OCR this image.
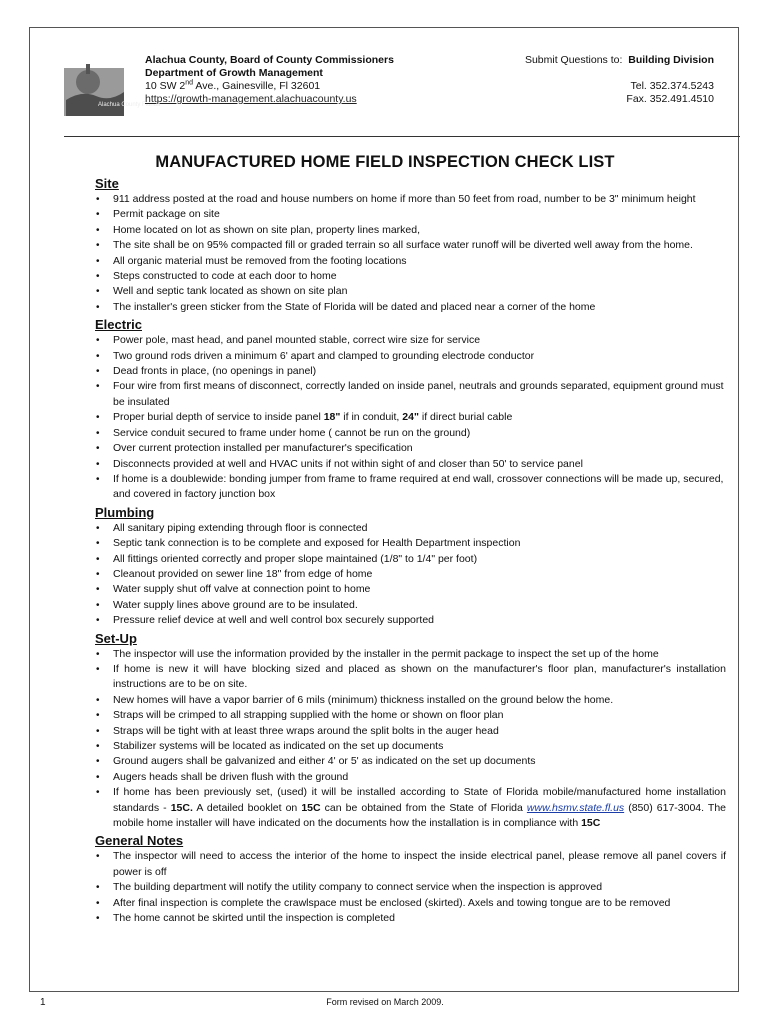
Alachua County Florida
Alachua County, Board of County Commissioners
Department of Growth Management
10 SW 2nd Ave., Gainesville, Fl 32601
https://growth-management.alachuacounty.us
Submit Questions to: Building Division
Tel. 352.374.5243
Fax. 352.491.4510
MANUFACTURED HOME FIELD INSPECTION CHECK LIST
Site
• 911 address posted at the road and house numbers on home if more than 50 feet from road, number to be 3" minimum height
• Permit package on site
• Home located on lot as shown on site plan, property lines marked,
• The site shall be on 95% compacted fill or graded terrain so all surface water runoff will be diverted well away from the home.
• All organic material must be removed from the footing locations
• Steps constructed to code at each door to home
• Well and septic tank located as shown on site plan
• The installer's green sticker from the State of Florida will be dated and placed near a corner of the home
Electric
• Power pole, mast head, and panel mounted stable, correct wire size for service
• Two ground rods driven a minimum 6' apart and clamped to grounding electrode conductor
• Dead fronts in place, (no openings in panel)
• Four wire from first means of disconnect, correctly landed on inside panel, neutrals and grounds separated, equipment ground must be insulated
• Proper burial depth of service to inside panel 18" if in conduit, 24" if direct burial cable
• Service conduit secured to frame under home ( cannot be run on the ground)
• Over current protection installed per manufacturer's specification
• Disconnects provided at well and HVAC units if not within sight of and closer than 50' to service panel
• If home is a doublewide: bonding jumper from frame to frame required at end wall, crossover connections will be made up, secured, and covered in factory junction box
Plumbing
• All sanitary piping extending through floor is connected
• Septic tank connection is to be complete and exposed for Health Department inspection
• All fittings oriented correctly and proper slope maintained (1/8" to 1/4" per foot)
• Cleanout provided on sewer line 18" from edge of home
• Water supply shut off valve at connection point to home
• Water supply lines above ground are to be insulated.
• Pressure relief device at well and well control box securely supported
Set-Up
• The inspector will use the information provided by the installer in the permit package to inspect the set up of the home
• If home is new it will have blocking sized and placed as shown on the manufacturer's floor plan, manufacturer's installation instructions are to be on site.
• New homes will have a vapor barrier of 6 mils (minimum) thickness installed on the ground below the home.
• Straps will be crimped to all strapping supplied with the home or shown on floor plan
• Straps will be tight with at least three wraps around the split bolts in the auger head
• Stabilizer systems will be located as indicated on the set up documents
• Ground augers shall be galvanized and either 4' or 5' as indicated on the set up documents
• Augers heads shall be driven flush with the ground
• If home has been previously set, (used) it will be installed according to State of Florida mobile/manufactured home installation standards - 15C. A detailed booklet on 15C can be obtained from the State of Florida www.hsmv.state.fl.us (850) 617-3004. The mobile home installer will have indicated on the documents how the installation is in compliance with 15C
General Notes
• The inspector will need to access the interior of the home to inspect the inside electrical panel, please remove all panel covers if power is off
• The building department will notify the utility company to connect service when the inspection is approved
• After final inspection is complete the crawlspace must be enclosed (skirted). Axels and towing tongue are to be removed
• The home cannot be skirted until the inspection is completed
1	Form revised on March 2009.
